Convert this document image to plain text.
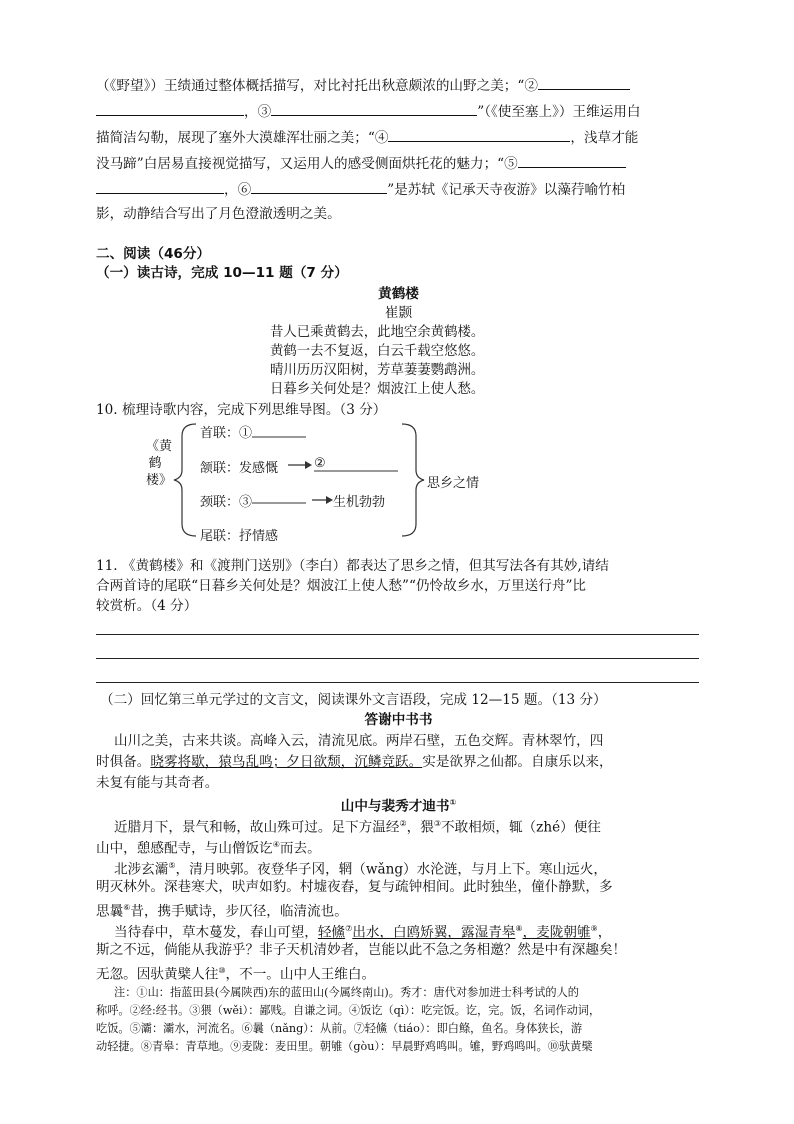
（《野望》）王绩通过整体概括描写，对比衬托出秋意颇浓的山野之美；“②
，③	”（《使至塞上》）王维运用白
描简洁勾勒，展现了塞外大漠雄浑壮丽之美；“④	，浅草才能
没马蹄”白居易直接视觉描写，又运用人的感受侧面烘托花的魅力；“⑤
，⑥	”是苏轼《记承天寺夜游》以藻荇喻竹柏
影，动静结合写出了月色澄澈透明之美。
二、阅读（46分）
（一）读古诗，完成 10—11 题（7 分）
黄鹤楼
崔颢
昔人已乘黄鹤去，此地空余黄鹤楼。
黄鹤一去不复返，白云千载空悠悠。
晴川历历汉阳树，芳草萋萋鹦鹉洲。
日暮乡关何处是？烟波江上使人愁。
10. 梳理诗歌内容，完成下列思维导图。（3 分）
《黄鹤楼》
首联：①
颔联：发感慨	②
颈联：③	生机勃勃
尾联：抒情感
思乡之情
11. 《黄鹤楼》和《渡荆门送别》（李白）都表达了思乡之情，但其写法各有其妙,请结
合两首诗的尾联“日暮乡关何处是？烟波江上使人愁”“仍怜故乡水，万里送行舟”比
较赏析。（4 分）
（二）回忆第三单元学过的文言文，阅读课外文言语段，完成 12—15 题。（13 分）
答谢中书书
山川之美，古来共谈。高峰入云，清流见底。两岸石壁，五色交辉。青林翠竹，四
时俱备。晓雾将歇，猿鸟乱鸣；夕日欲颓，沉鳞竞跃。实是欲界之仙都。自康乐以来，
未复有能与其奇者。
山中与裴秀才迪书①
近腊月下，景气和畅，故山殊可过。足下方温经②，猥③不敢相烦，辄（zhé）便往
山中，憩感配寺，与山僧饭讫④而去。
北涉玄灞⑤，清月映郭。夜登华子冈，辋（wǎng）水沦涟，与月上下。寒山远火，
明灭林外。深巷寒犬，吠声如豹。村墟夜舂，复与疏钟相间。此时独坐，僮仆静默，多
思曩⑥昔，携手赋诗，步仄径，临清流也。
当待春中，草木蔓发，春山可望，轻鯈⑦出水，白鸥矫翼，露湿青皋⑧，麦陇朝雊⑨，
斯之不远，倘能从我游乎？非子天机清妙者，岂能以此不急之务相邀？然是中有深趣矣！
无忽。因驮黄檗人往⑩，不一。山中人王维白。
注：①山：指蓝田县(今属陕西)东的蓝田山(今属终南山)。秀才：唐代对参加进士科考试的人的
称呼。②经:经书。③猥（wěi）：鄙贱。自谦之词。④饭讫（qì）：吃完饭。讫，完。饭，名词作动词，
吃饭。⑤灞：灞水，河流名。⑥曩（nǎng）：从前。⑦轻鯈（tiáo）：即白鲦，鱼名。身体狭长，游
动轻捷。⑧青皋：青草地。⑨麦陇：麦田里。朝雊（gòu）：早晨野鸡鸣叫。雊，野鸡鸣叫。⑩驮黄檗
